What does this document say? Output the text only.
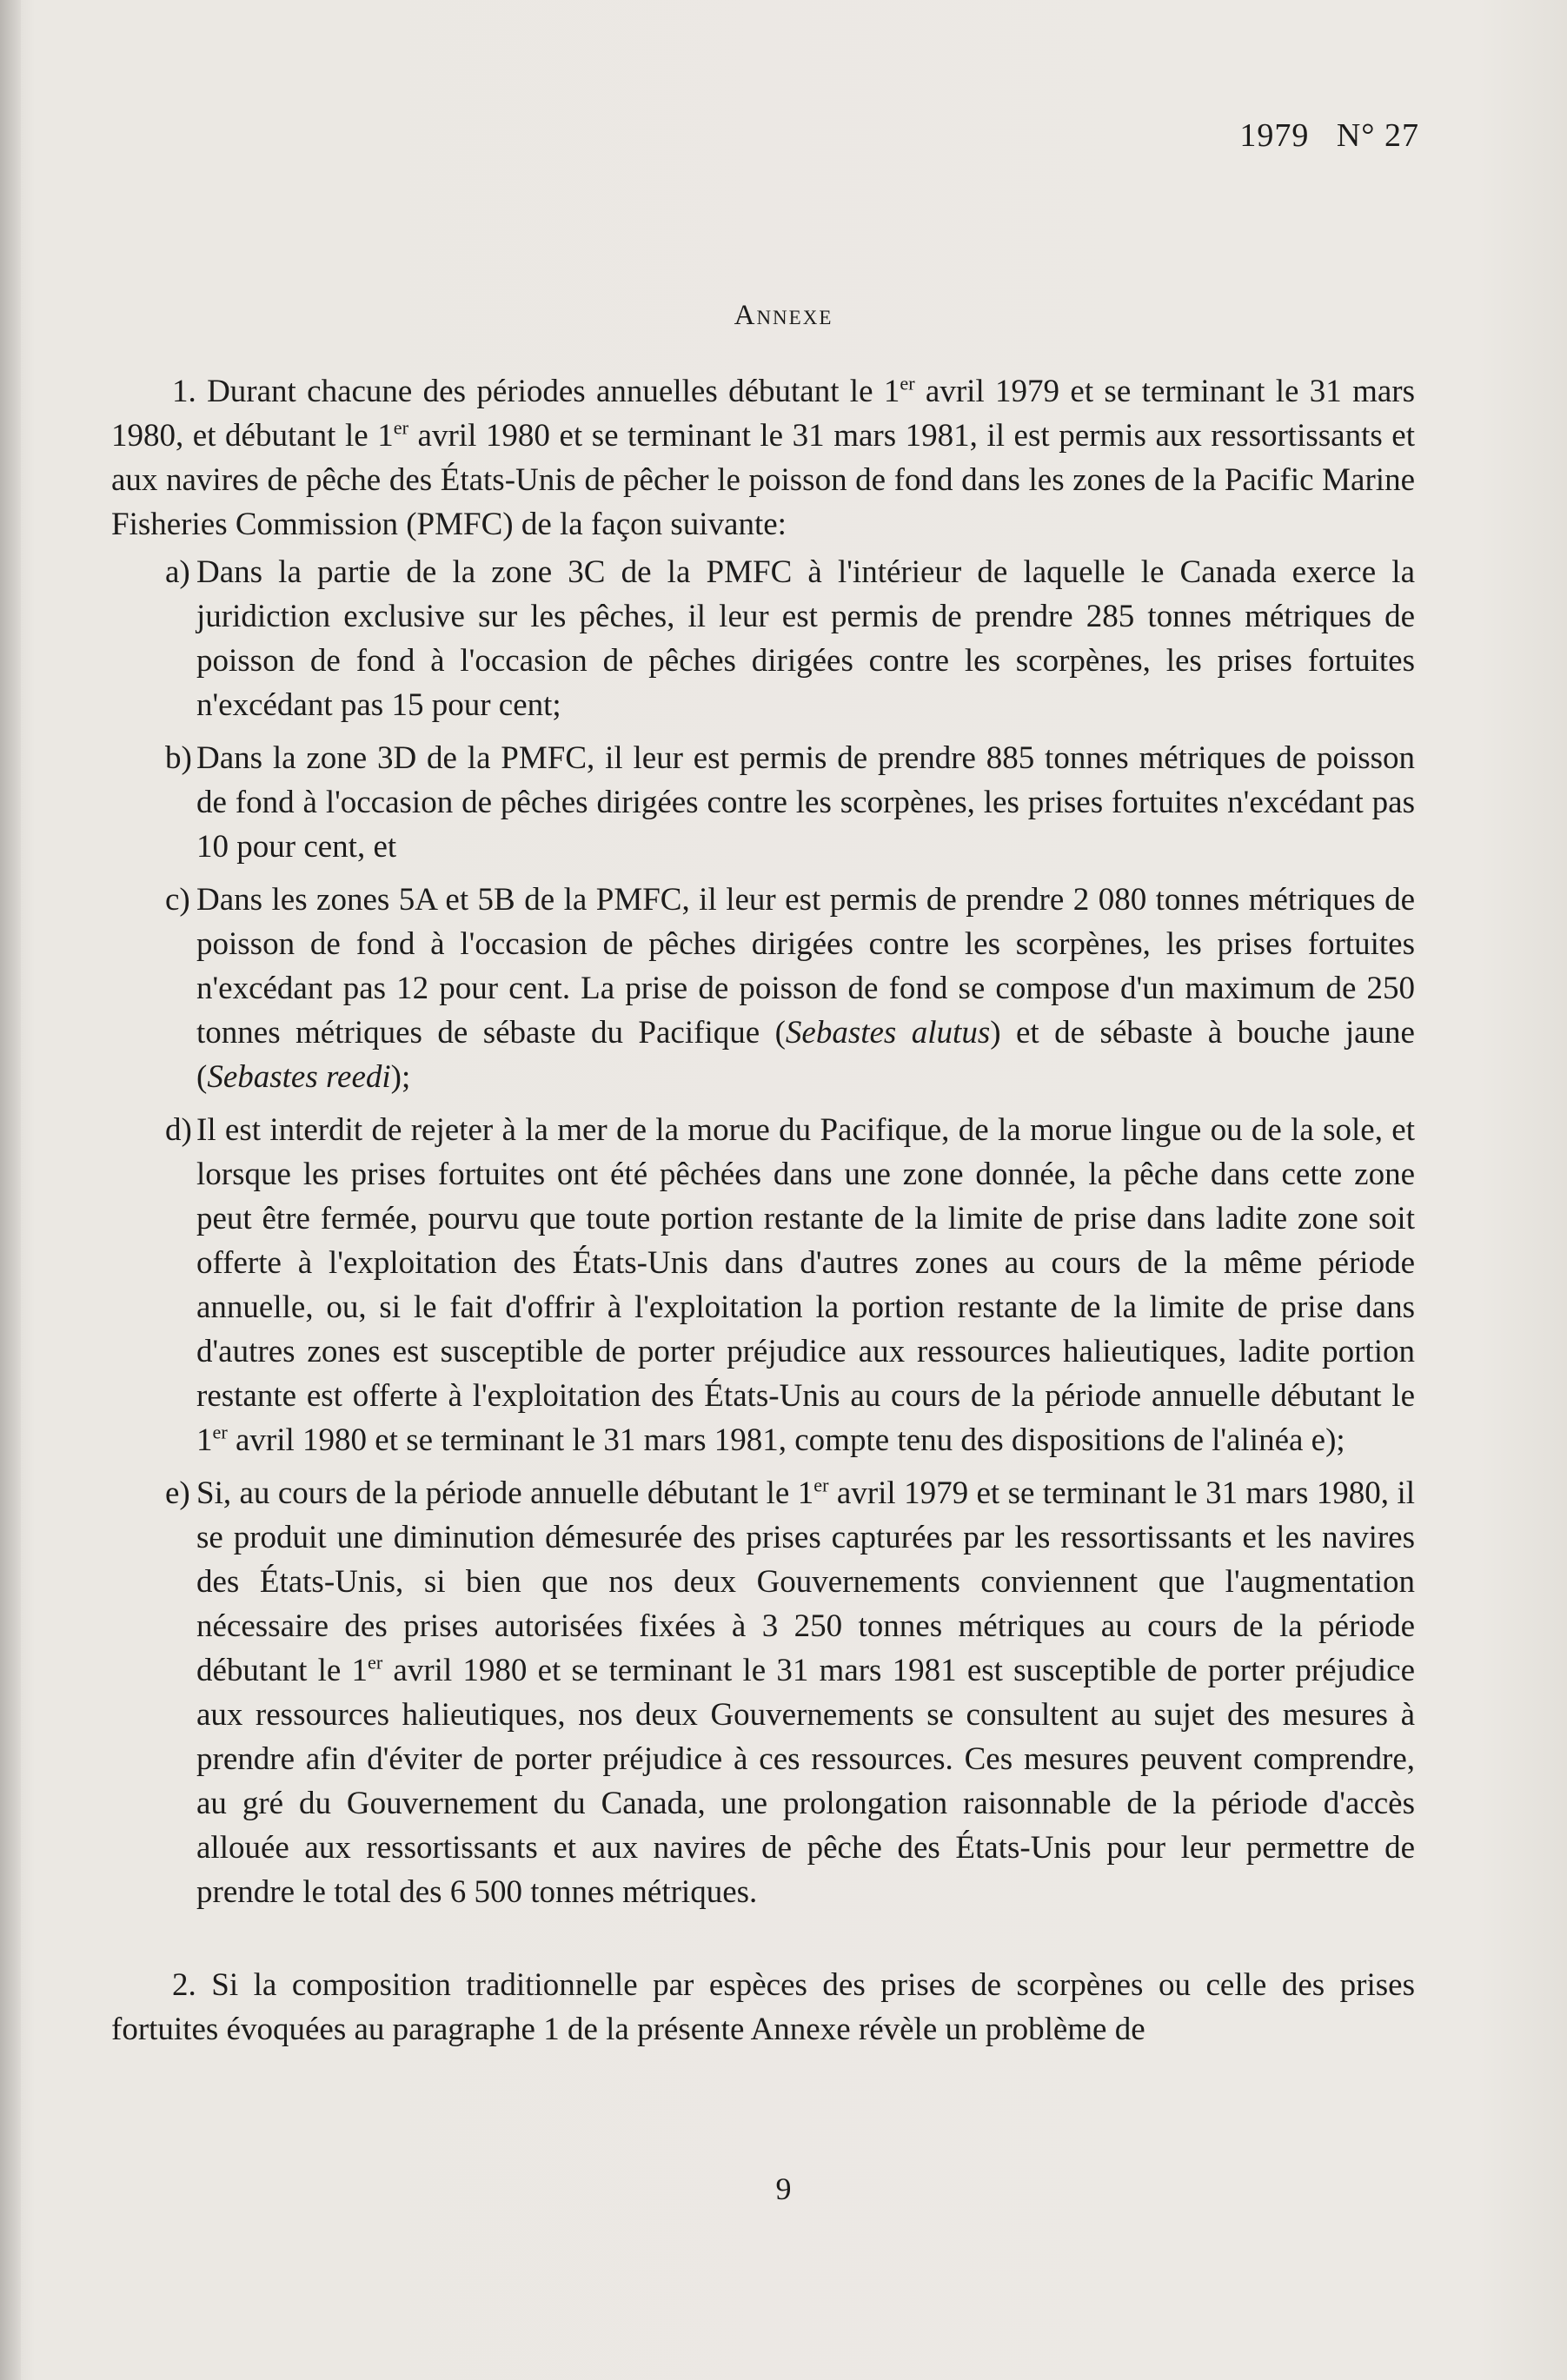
1979 N° 27
Annexe

1. Durant chacune des périodes annuelles débutant le 1er avril 1979 et se terminant le 31 mars 1980, et débutant le 1er avril 1980 et se terminant le 31 mars 1981, il est permis aux ressortissants et aux navires de pêche des États-Unis de pêcher le poisson de fond dans les zones de la Pacific Marine Fisheries Commission (PMFC) de la façon suivante:

a) Dans la partie de la zone 3C de la PMFC à l'intérieur de laquelle le Canada exerce la juridiction exclusive sur les pêches, il leur est permis de prendre 285 tonnes métriques de poisson de fond à l'occasion de pêches dirigées contre les scorpènes, les prises fortuites n'excédant pas 15 pour cent;
b) Dans la zone 3D de la PMFC, il leur est permis de prendre 885 tonnes métriques de poisson de fond à l'occasion de pêches dirigées contre les scorpènes, les prises fortuites n'excédant pas 10 pour cent, et
c) Dans les zones 5A et 5B de la PMFC, il leur est permis de prendre 2 080 tonnes métriques de poisson de fond à l'occasion de pêches dirigées contre les scorpènes, les prises fortuites n'excédant pas 12 pour cent. La prise de poisson de fond se compose d'un maximum de 250 tonnes métriques de sébaste du Pacifique (Sebastes alutus) et de sébaste à bouche jaune (Sebastes reedi);
d) Il est interdit de rejeter à la mer de la morue du Pacifique, de la morue lingue ou de la sole, et lorsque les prises fortuites ont été pêchées dans une zone donnée, la pêche dans cette zone peut être fermée, pourvu que toute portion restante de la limite de prise dans ladite zone soit offerte à l'exploitation des États-Unis dans d'autres zones au cours de la même période annuelle, ou, si le fait d'offrir à l'exploitation la portion restante de la limite de prise dans d'autres zones est susceptible de porter préjudice aux ressources halieutiques, ladite portion restante est offerte à l'exploitation des États-Unis au cours de la période annuelle débutant le 1er avril 1980 et se terminant le 31 mars 1981, compte tenu des dispositions de l'alinéa e);
e) Si, au cours de la période annuelle débutant le 1er avril 1979 et se terminant le 31 mars 1980, il se produit une diminution démesurée des prises capturées par les ressortissants et les navires des États-Unis, si bien que nos deux Gouvernements conviennent que l'augmentation nécessaire des prises autorisées fixées à 3 250 tonnes métriques au cours de la période débutant le 1er avril 1980 et se terminant le 31 mars 1981 est susceptible de porter préjudice aux ressources halieutiques, nos deux Gouvernements se consultent au sujet des mesures à prendre afin d'éviter de porter préjudice à ces ressources. Ces mesures peuvent comprendre, au gré du Gouvernement du Canada, une prolongation raisonnable de la période d'accès allouée aux ressortissants et aux navires de pêche des États-Unis pour leur permettre de prendre le total des 6 500 tonnes métriques.

2. Si la composition traditionnelle par espèces des prises de scorpènes ou celle des prises fortuites évoquées au paragraphe 1 de la présente Annexe révèle un problème de

9
